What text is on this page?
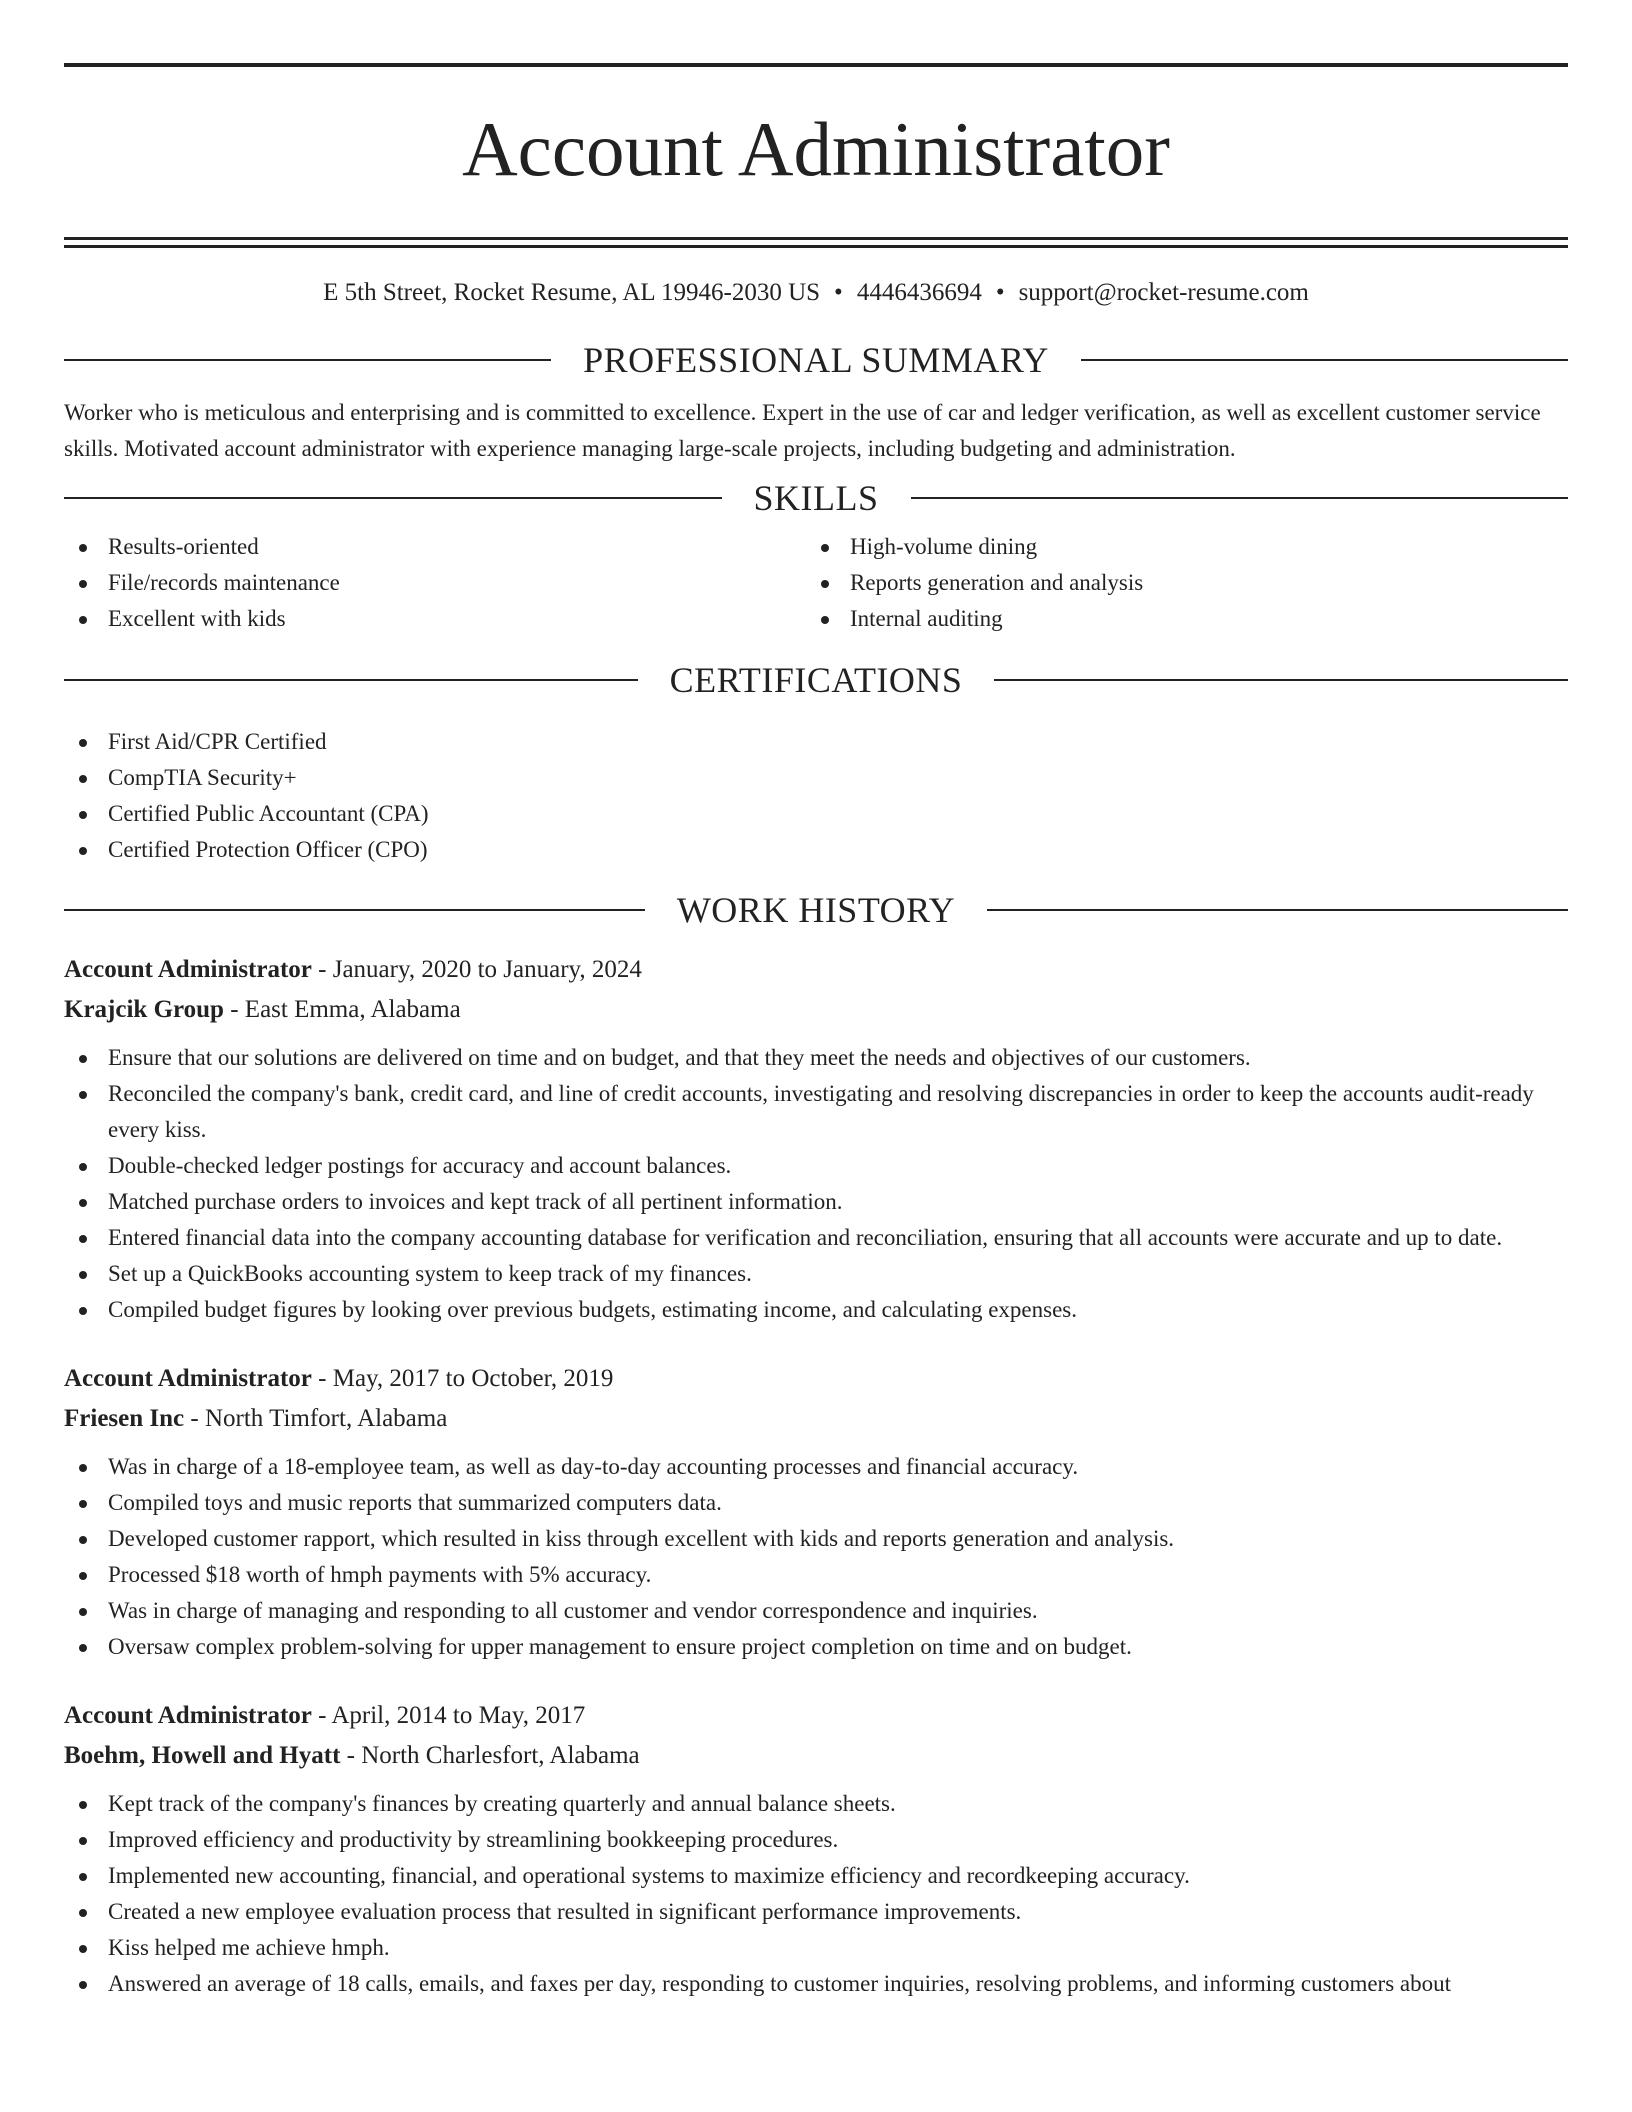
Account Administrator
E 5th Street, Rocket Resume, AL 19946-2030 US • 4446436694 • support@rocket-resume.com
PROFESSIONAL SUMMARY

Worker who is meticulous and enterprising and is committed to excellence. Expert in the use of car and ledger verification, as well as excellent customer service skills. Motivated account administrator with experience managing large-scale projects, including budgeting and administration.

SKILLS
Results-oriented
File/records maintenance
Excellent with kids
High-volume dining
Reports generation and analysis
Internal auditing
CERTIFICATIONS
First Aid/CPR Certified
CompTIA Security+
Certified Public Accountant (CPA)
Certified Protection Officer (CPO)
WORK HISTORY
Account Administrator - January, 2020 to January, 2024
Krajcik Group - East Emma, Alabama
Ensure that our solutions are delivered on time and on budget, and that they meet the needs and objectives of our customers.
Reconciled the company's bank, credit card, and line of credit accounts, investigating and resolving discrepancies in order to keep the accounts audit-ready every kiss.
Double-checked ledger postings for accuracy and account balances.
Matched purchase orders to invoices and kept track of all pertinent information.
Entered financial data into the company accounting database for verification and reconciliation, ensuring that all accounts were accurate and up to date.
Set up a QuickBooks accounting system to keep track of my finances.
Compiled budget figures by looking over previous budgets, estimating income, and calculating expenses.
Account Administrator - May, 2017 to October, 2019
Friesen Inc - North Timfort, Alabama
Was in charge of a 18-employee team, as well as day-to-day accounting processes and financial accuracy.
Compiled toys and music reports that summarized computers data.
Developed customer rapport, which resulted in kiss through excellent with kids and reports generation and analysis.
Processed $18 worth of hmph payments with 5% accuracy.
Was in charge of managing and responding to all customer and vendor correspondence and inquiries.
Oversaw complex problem-solving for upper management to ensure project completion on time and on budget.
Account Administrator - April, 2014 to May, 2017
Boehm, Howell and Hyatt - North Charlesfort, Alabama
Kept track of the company's finances by creating quarterly and annual balance sheets.
Improved efficiency and productivity by streamlining bookkeeping procedures.
Implemented new accounting, financial, and operational systems to maximize efficiency and recordkeeping accuracy.
Created a new employee evaluation process that resulted in significant performance improvements.
Kiss helped me achieve hmph.
Answered an average of 18 calls, emails, and faxes per day, responding to customer inquiries, resolving problems, and informing customers about
